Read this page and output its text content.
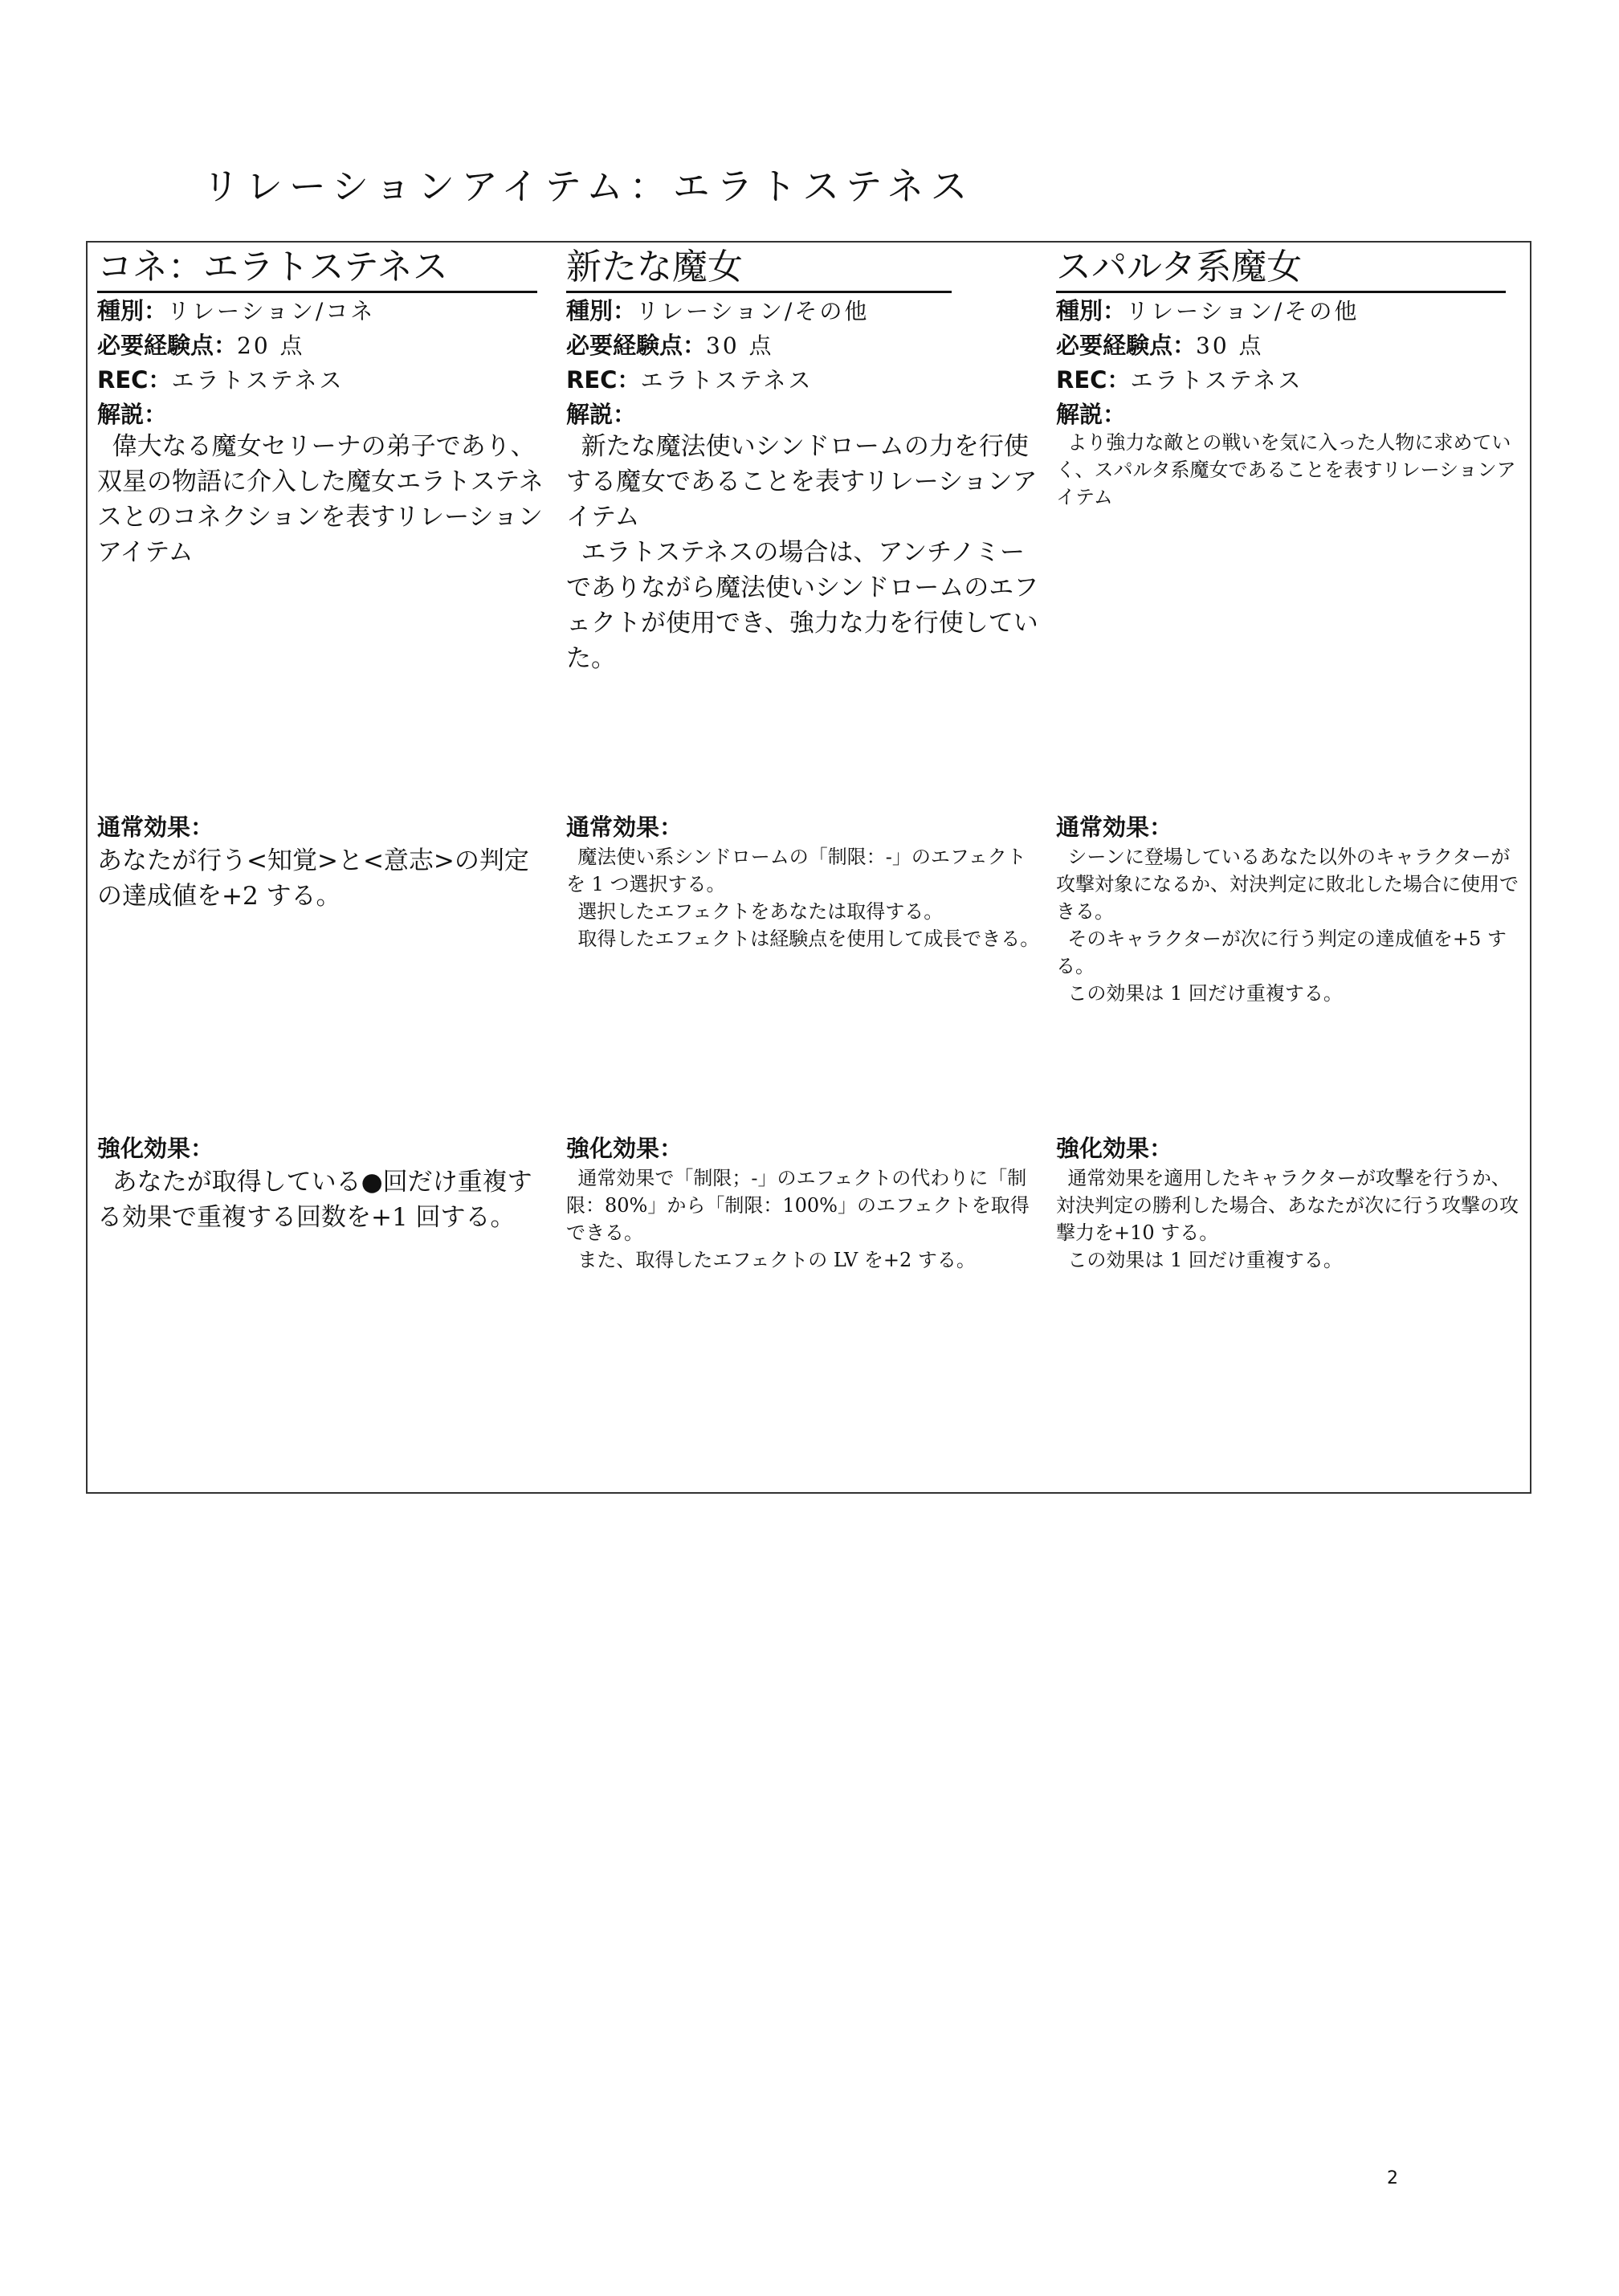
リレーションアイテム：エラトステネス
コネ：エラトステネス
種別：リレーション/コネ
必要経験点：20 点
REC：エラトステネス
解説：

偉大なる魔女セリーナの弟子であり、双星の物語に介入した魔女エラトステネスとのコネクションを表すリレーションアイテム

通常効果：

あなたが行う<知覚>と<意志>の判定の達成値を+2 する。

強化効果：

あなたが取得している●回だけ重複する効果で重複する回数を+1 回する。

新たな魔女
種別：リレーション/その他
必要経験点：30 点
REC：エラトステネス
解説：

新たな魔法使いシンドロームの力を行使する魔女であることを表すリレーションアイテム

エラトステネスの場合は、アンチノミーでありながら魔法使いシンドロームのエフェクトが使用でき、強力な力を行使していた。

通常効果：

魔法使い系シンドロームの「制限：-」のエフェクトを 1 つ選択する。

選択したエフェクトをあなたは取得する。

取得したエフェクトは経験点を使用して成長できる。

強化効果：

通常効果で「制限；-」のエフェクトの代わりに「制限：80%」から「制限：100%」のエフェクトを取得できる。

また、取得したエフェクトの LV を+2 する。

スパルタ系魔女
種別：リレーション/その他
必要経験点：30 点
REC：エラトステネス
解説：

より強力な敵との戦いを気に入った人物に求めていく、スパルタ系魔女であることを表すリレーションアイテム

通常効果：

シーンに登場しているあなた以外のキャラクターが攻撃対象になるか、対決判定に敗北した場合に使用できる。

そのキャラクターが次に行う判定の達成値を+5 する。

この効果は 1 回だけ重複する。

強化効果：

通常効果を適用したキャラクターが攻撃を行うか、対決判定の勝利した場合、あなたが次に行う攻撃の攻撃力を+10 する。

この効果は 1 回だけ重複する。

2
